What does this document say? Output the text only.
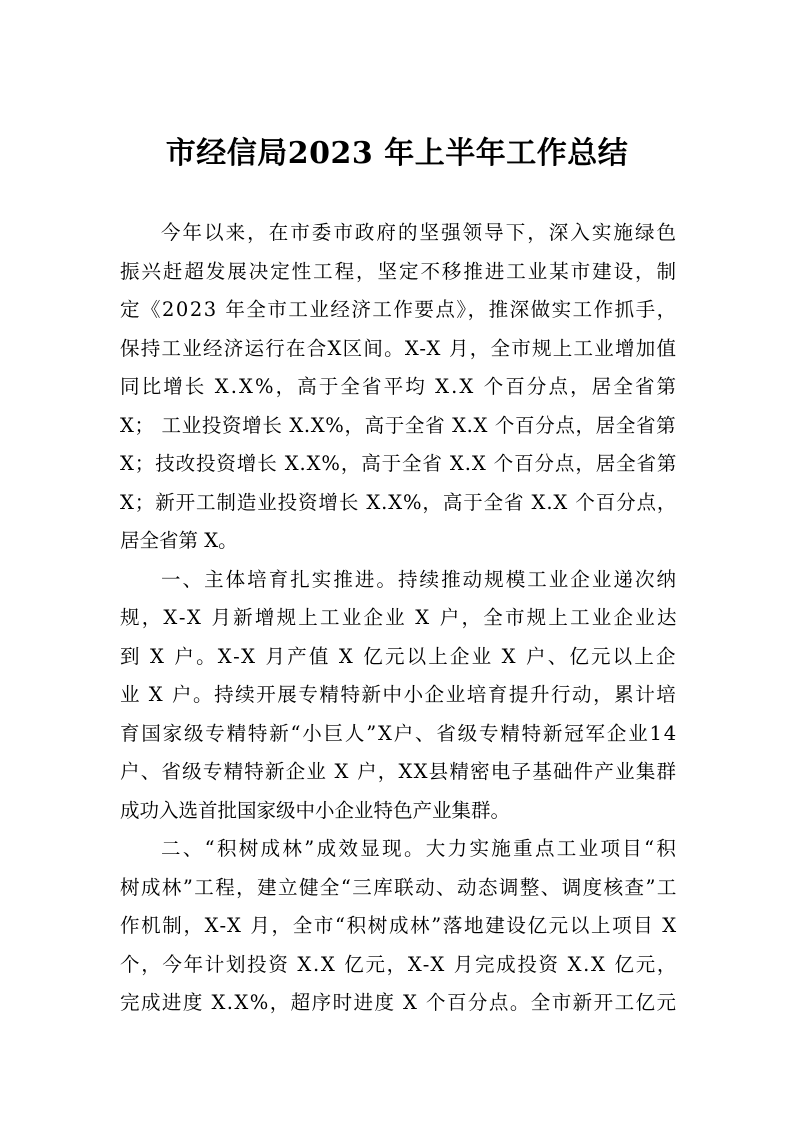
市经信局2023 年上半年工作总结
今年以来，在市委市政府的坚强领导下，深入实施绿色
振兴赶超发展决定性工程，坚定不移推进工业某市建设，制
定《2023 年全市工业经济工作要点》，推深做实工作抓手，
保持工业经济运行在合X区间。X-X 月，全市规上工业增加值
同比增长 X.X%，高于全省平均 X.X 个百分点，居全省第
X； 工业投资增长 X.X%，高于全省 X.X 个百分点，居全省第
X；技改投资增长 X.X%，高于全省 X.X 个百分点，居全省第
X；新开工制造业投资增长 X.X%，高于全省 X.X 个百分点，
居全省第 X。
一、主体培育扎实推进。持续推动规模工业企业递次纳
规，X-X 月新增规上工业企业 X 户，全市规上工业企业达
到 X 户。X-X 月产值 X 亿元以上企业 X 户、亿元以上企
业 X 户。持续开展专精特新中小企业培育提升行动，累计培
育国家级专精特新“小巨人”X户、省级专精特新冠军企业14
户、省级专精特新企业 X 户，XX县精密电子基础件产业集群
成功入选首批国家级中小企业特色产业集群。
二、“积树成林”成效显现。大力实施重点工业项目“积
树成林”工程，建立健全“三库联动、动态调整、调度核查”工
作机制，X-X 月，全市“积树成林”落地建设亿元以上项目 X
个，今年计划投资 X.X 亿元，X-X 月完成投资 X.X 亿元，
完成进度 X.X%，超序时进度 X 个百分点。全市新开工亿元
